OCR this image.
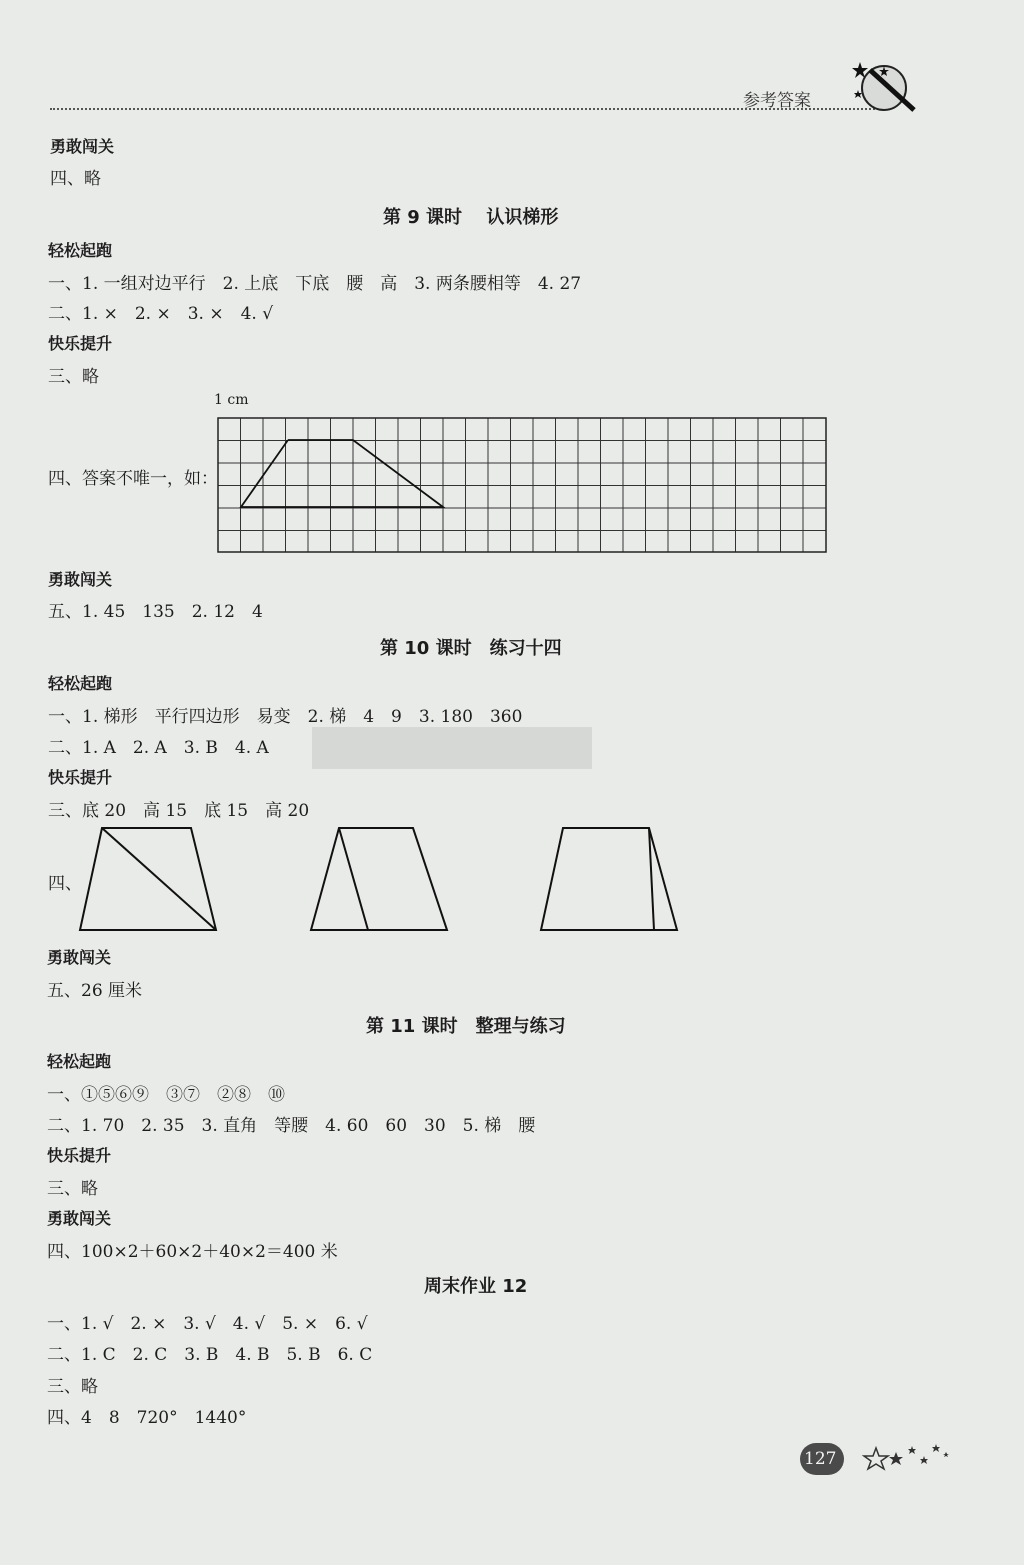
参考答案
勇敢闯关
四、略
第 9 课时　 认识梯形
轻松起跑
一、1. 一组对边平行　2. 上底　下底　腰　高　3. 两条腰相等　4. 27
二、1. ×　2. ×　3. ×　4. √
快乐提升
三、略
四、答案不唯一，如：
1 cm
勇敢闯关
五、1. 45　135　2. 12　4
第 10 课时　练习十四
轻松起跑
一、1. 梯形　平行四边形　易变　2. 梯　4　9　3. 180　360
二、1. A　2. A　3. B　4. A
快乐提升
三、底 20　高 15　底 15　高 20
四、
勇敢闯关
五、26 厘米
第 11 课时　整理与练习
轻松起跑
一、①⑤⑥⑨　③⑦　②⑧　⑩
二、1. 70　2. 35　3. 直角　等腰　4. 60　60　30　5. 梯　腰
快乐提升
三、略
勇敢闯关
四、100×2＋60×2＋40×2＝400 米
周末作业 12
一、1. √　2. ×　3. √　4. √　5. ×　6. √
二、1. C　2. C　3. B　4. B　5. B　6. C
三、略
四、4　8　720°　1440°
127
